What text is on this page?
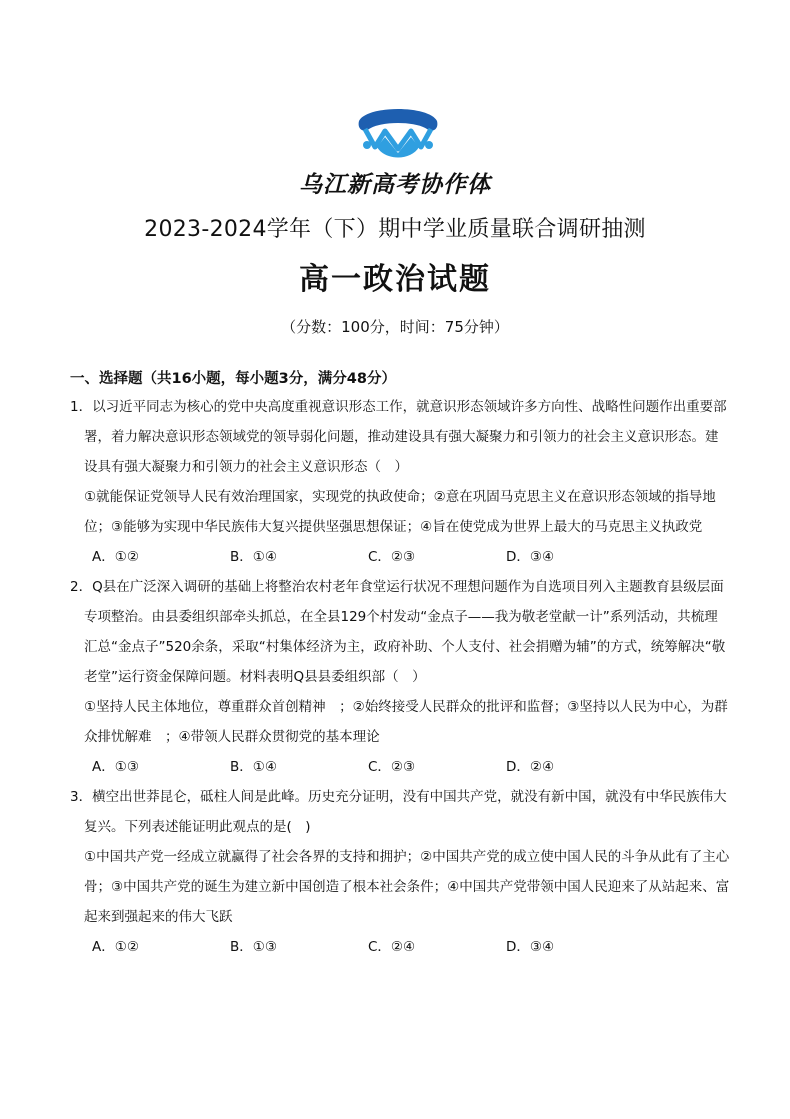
乌江新高考协作体
2023-2024学年（下）期中学业质量联合调研抽测
高一政治试题
（分数：100分，时间：75分钟）
一、选择题（共16小题，每小题3分，满分48分）
1．以习近平同志为核心的党中央高度重视意识形态工作，就意识形态领域许多方向性、战略性问题作出重要部署，着力解决意识形态领域党的领导弱化问题，推动建设具有强大凝聚力和引领力的社会主义意识形态。建设具有强大凝聚力和引领力的社会主义意识形态（　）
①就能保证党领导人民有效治理国家，实现党的执政使命；②意在巩固马克思主义在意识形态领域的指导地位；③能够为实现中华民族伟大复兴提供坚强思想保证；④旨在使党成为世界上最大的马克思主义执政党
A．①②	B．①④	C．②③	D．③④
2．Q县在广泛深入调研的基础上将整治农村老年食堂运行状况不理想问题作为自选项目列入主题教育县级层面专项整治。由县委组织部牵头抓总，在全县129个村发动“金点子——我为敬老堂献一计”系列活动，共梳理汇总“金点子”520余条，采取“村集体经济为主，政府补助、个人支付、社会捐赠为辅”的方式，统筹解决“敬老堂”运行资金保障问题。材料表明Q县县委组织部（　）
①坚持人民主体地位，尊重群众首创精神　；②始终接受人民群众的批评和监督；③坚持以人民为中心，为群众排忧解难　；④带领人民群众贯彻党的基本理论
A．①③	B．①④	C．②③	D．②④
3．横空出世莽昆仑，砥柱人间是此峰。历史充分证明，没有中国共产党，就没有新中国，就没有中华民族伟大复兴。下列表述能证明此观点的是(　)
①中国共产党一经成立就赢得了社会各界的支持和拥护；②中国共产党的成立使中国人民的斗争从此有了主心骨；③中国共产党的诞生为建立新中国创造了根本社会条件；④中国共产党带领中国人民迎来了从站起来、富起来到强起来的伟大飞跃
A．①②	B．①③	C．②④	D．③④
